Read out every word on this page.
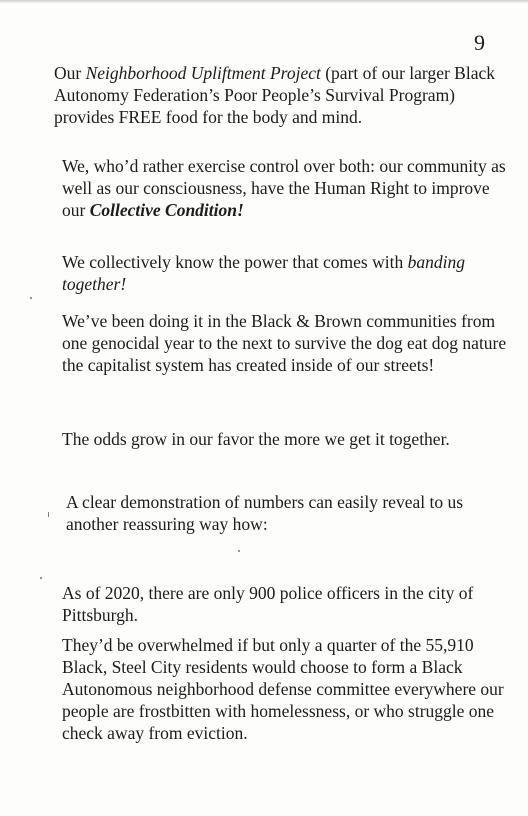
9

Our Neighborhood Upliftment Project (part of our larger Black Autonomy Federation’s Poor People’s Survival Program) provides FREE food for the body and mind.

We, who’d rather exercise control over both: our community as well as our consciousness, have the Human Right to improve our Collective Condition!

We collectively know the power that comes with banding together!

We’ve been doing it in the Black & Brown communities from one genocidal year to the next to survive the dog eat dog nature the capitalist system has created inside of our streets!

The odds grow in our favor the more we get it together.

A clear demonstration of numbers can easily reveal to us another reassuring way how:

As of 2020, there are only 900 police officers in the city of Pittsburgh.

They’d be overwhelmed if but only a quarter of the 55,910 Black, Steel City residents would choose to form a Black Autonomous neighborhood defense committee everywhere our people are frostbitten with homelessness, or who struggle one check away from eviction.
